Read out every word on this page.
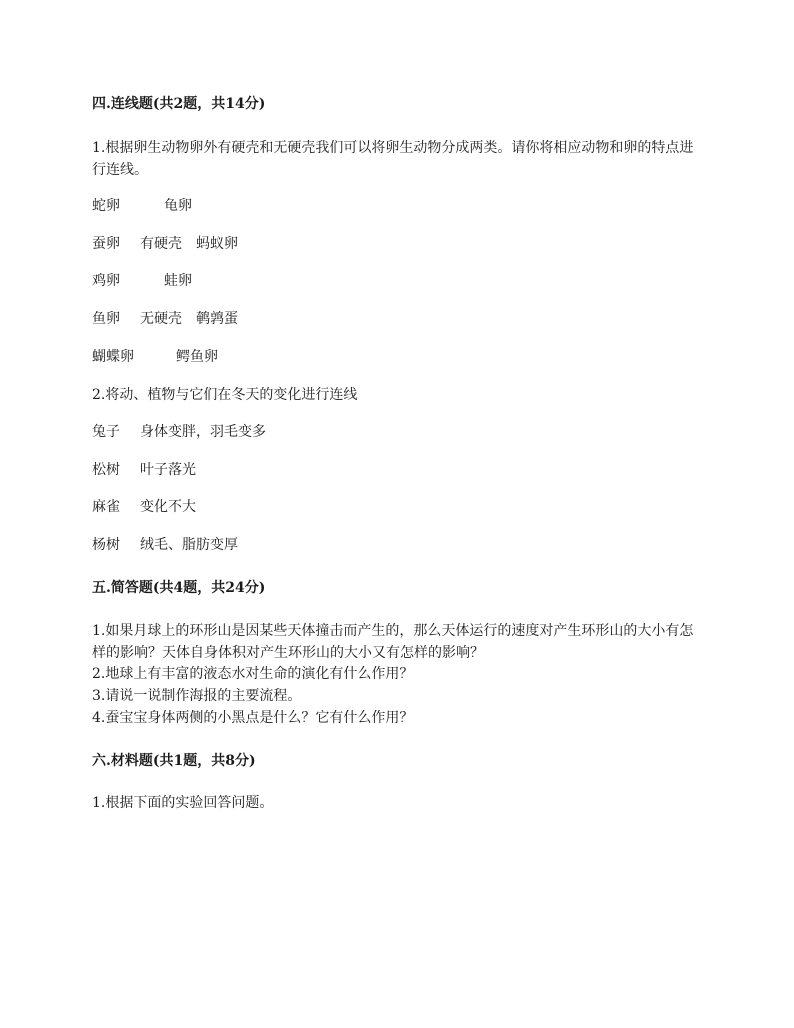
四.连线题(共2题，共14分)
1.根据卵生动物卵外有硬壳和无硬壳我们可以将卵生动物分成两类。请你将相应动物和卵的特点进行连线。
蛇卵	龟卵
蚕卵 有硬壳 蚂蚁卵
鸡卵	蛙卵
鱼卵 无硬壳 鹌鹑蛋
蝴蝶卵	鳄鱼卵
2.将动、植物与它们在冬天的变化进行连线
兔子 身体变胖，羽毛变多
松树 叶子落光
麻雀 变化不大
杨树 绒毛、脂肪变厚
五.简答题(共4题，共24分)
1.如果月球上的环形山是因某些天体撞击而产生的，那么天体运行的速度对产生环形山的大小有怎样的影响？天体自身体积对产生环形山的大小又有怎样的影响？
2.地球上有丰富的液态水对生命的演化有什么作用？
3.请说一说制作海报的主要流程。
4.蚕宝宝身体两侧的小黑点是什么？它有什么作用？
六.材料题(共1题，共8分)
1.根据下面的实验回答问题。
